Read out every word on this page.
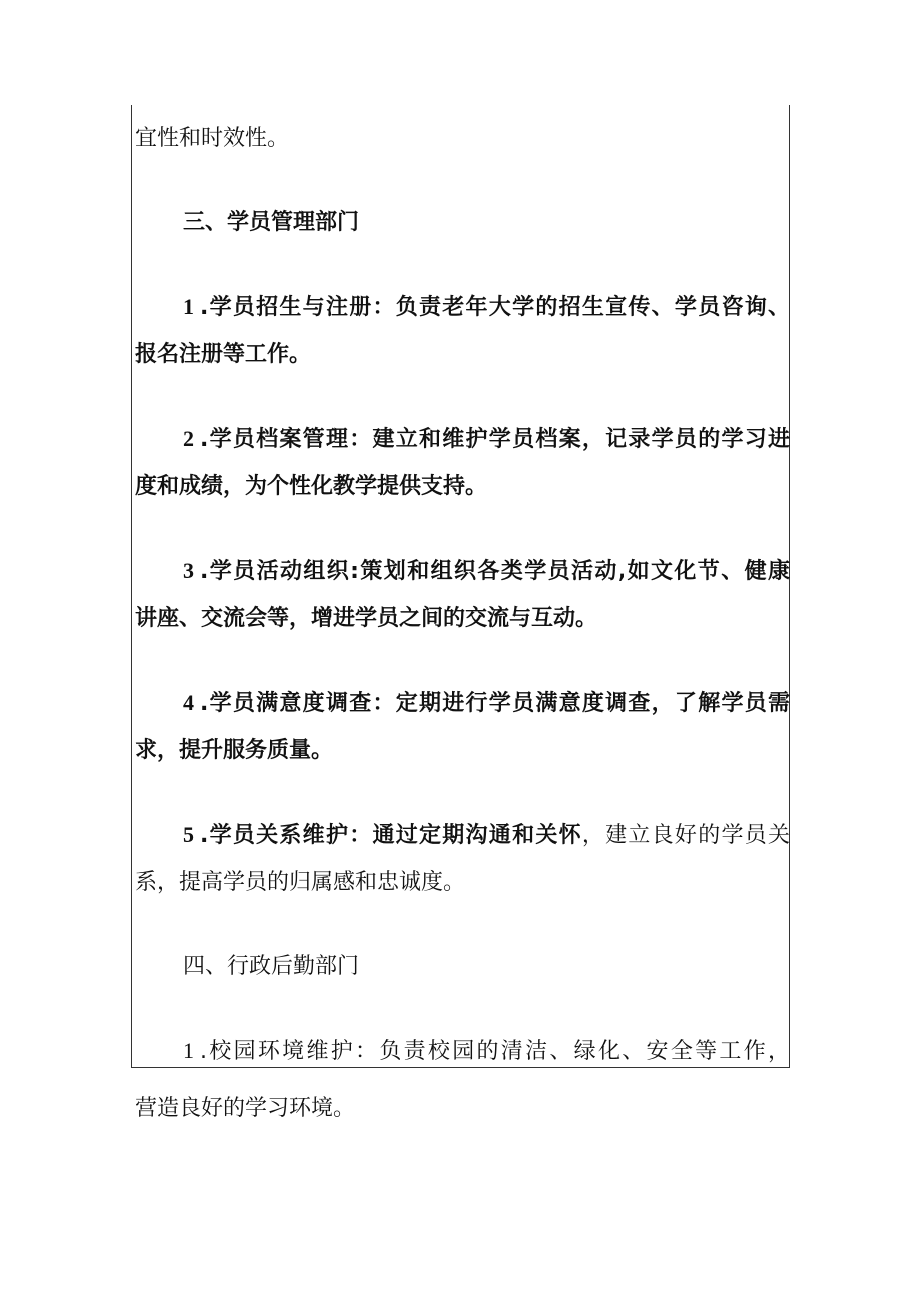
宜性和时效性。
三、学员管理部门
1 .学员招生与注册：负责老年大学的招生宣传、学员咨询、
报名注册等工作。
2 .学员档案管理：建立和维护学员档案，记录学员的学习进
度和成绩，为个性化教学提供支持。
3 .学员活动组织:策划和组织各类学员活动,如文化节、健康
讲座、交流会等，增进学员之间的交流与互动。
4 .学员满意度调查：定期进行学员满意度调查，了解学员需
求，提升服务质量。
5 .学员关系维护：通过定期沟通和关怀，建立良好的学员关
系，提高学员的归属感和忠诚度。
四、行政后勤部门
1 .校园环境维护：负责校园的清洁、绿化、安全等工作，
营造良好的学习环境。
